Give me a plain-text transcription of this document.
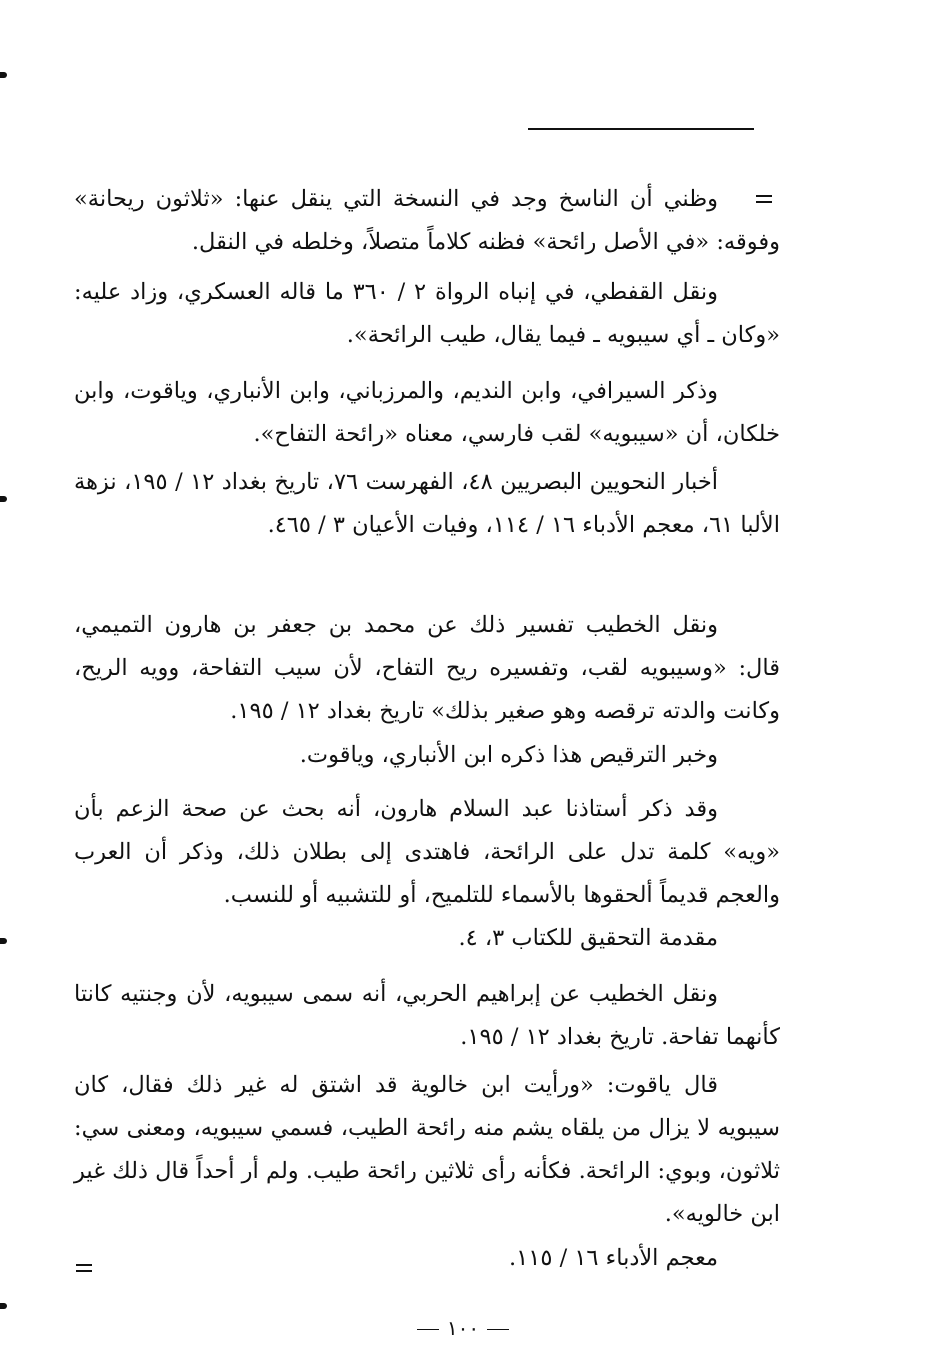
وظني أن الناسخ وجد في النسخة التي ينقل عنها: «ثلاثون ريحانة» وفوقه: «في الأصل رائحة» فظنه كلاماً متصلاً، وخلطه في النقل.

ونقل القفطي، في إنباه الرواة ٢ / ٣٦٠ ما قاله العسكري، وزاد عليه: «وكان ـ أي سيبويه ـ فيما يقال، طيب الرائحة».

وذكر السيرافي، وابن النديم، والمرزباني، وابن الأنباري، وياقوت، وابن خلكان، أن «سيبويه» لقب فارسي، معناه «رائحة التفاح».

أخبار النحويين البصريين ٤٨، الفهرست ٧٦، تاريخ بغداد ١٢ / ١٩٥، نزهة الألبا ٦١، معجم الأدباء ١٦ / ١١٤، وفيات الأعيان ٣ / ٤٦٥.

ونقل الخطيب تفسير ذلك عن محمد بن جعفر بن هارون التميمي، قال: «وسيبويه لقب، وتفسيره ريح التفاح، لأن سيب التفاحة، وويه الريح، وكانت والدته ترقصه وهو صغير بذلك» تاريخ بغداد ١٢ / ١٩٥.

وخبر الترقيص هذا ذكره ابن الأنباري، وياقوت.

وقد ذكر أستاذنا عبد السلام هارون، أنه بحث عن صحة الزعم بأن «ويه» كلمة تدل على الرائحة، فاهتدى إلى بطلان ذلك، وذكر أن العرب والعجم قديماً ألحقوها بالأسماء للتلميح، أو للتشبيه أو للنسب.

مقدمة التحقيق للكتاب ٣، ٤.

ونقل الخطيب عن إبراهيم الحربي، أنه سمى سيبويه، لأن وجنتيه كانتا كأنهما تفاحة. تاريخ بغداد ١٢ / ١٩٥.

قال ياقوت: «ورأيت ابن خالوية قد اشتق له غير ذلك فقال، كان سيبويه لا يزال من يلقاه يشم منه رائحة الطيب، فسمي سيبويه، ومعنى سي: ثلاثون، وبوي: الرائحة. فكأنه رأى ثلاثين رائحة طيب. ولم أر أحداً قال ذلك غير ابن خالويه».

معجم الأدباء ١٦ / ١١٥.

١٠٠
